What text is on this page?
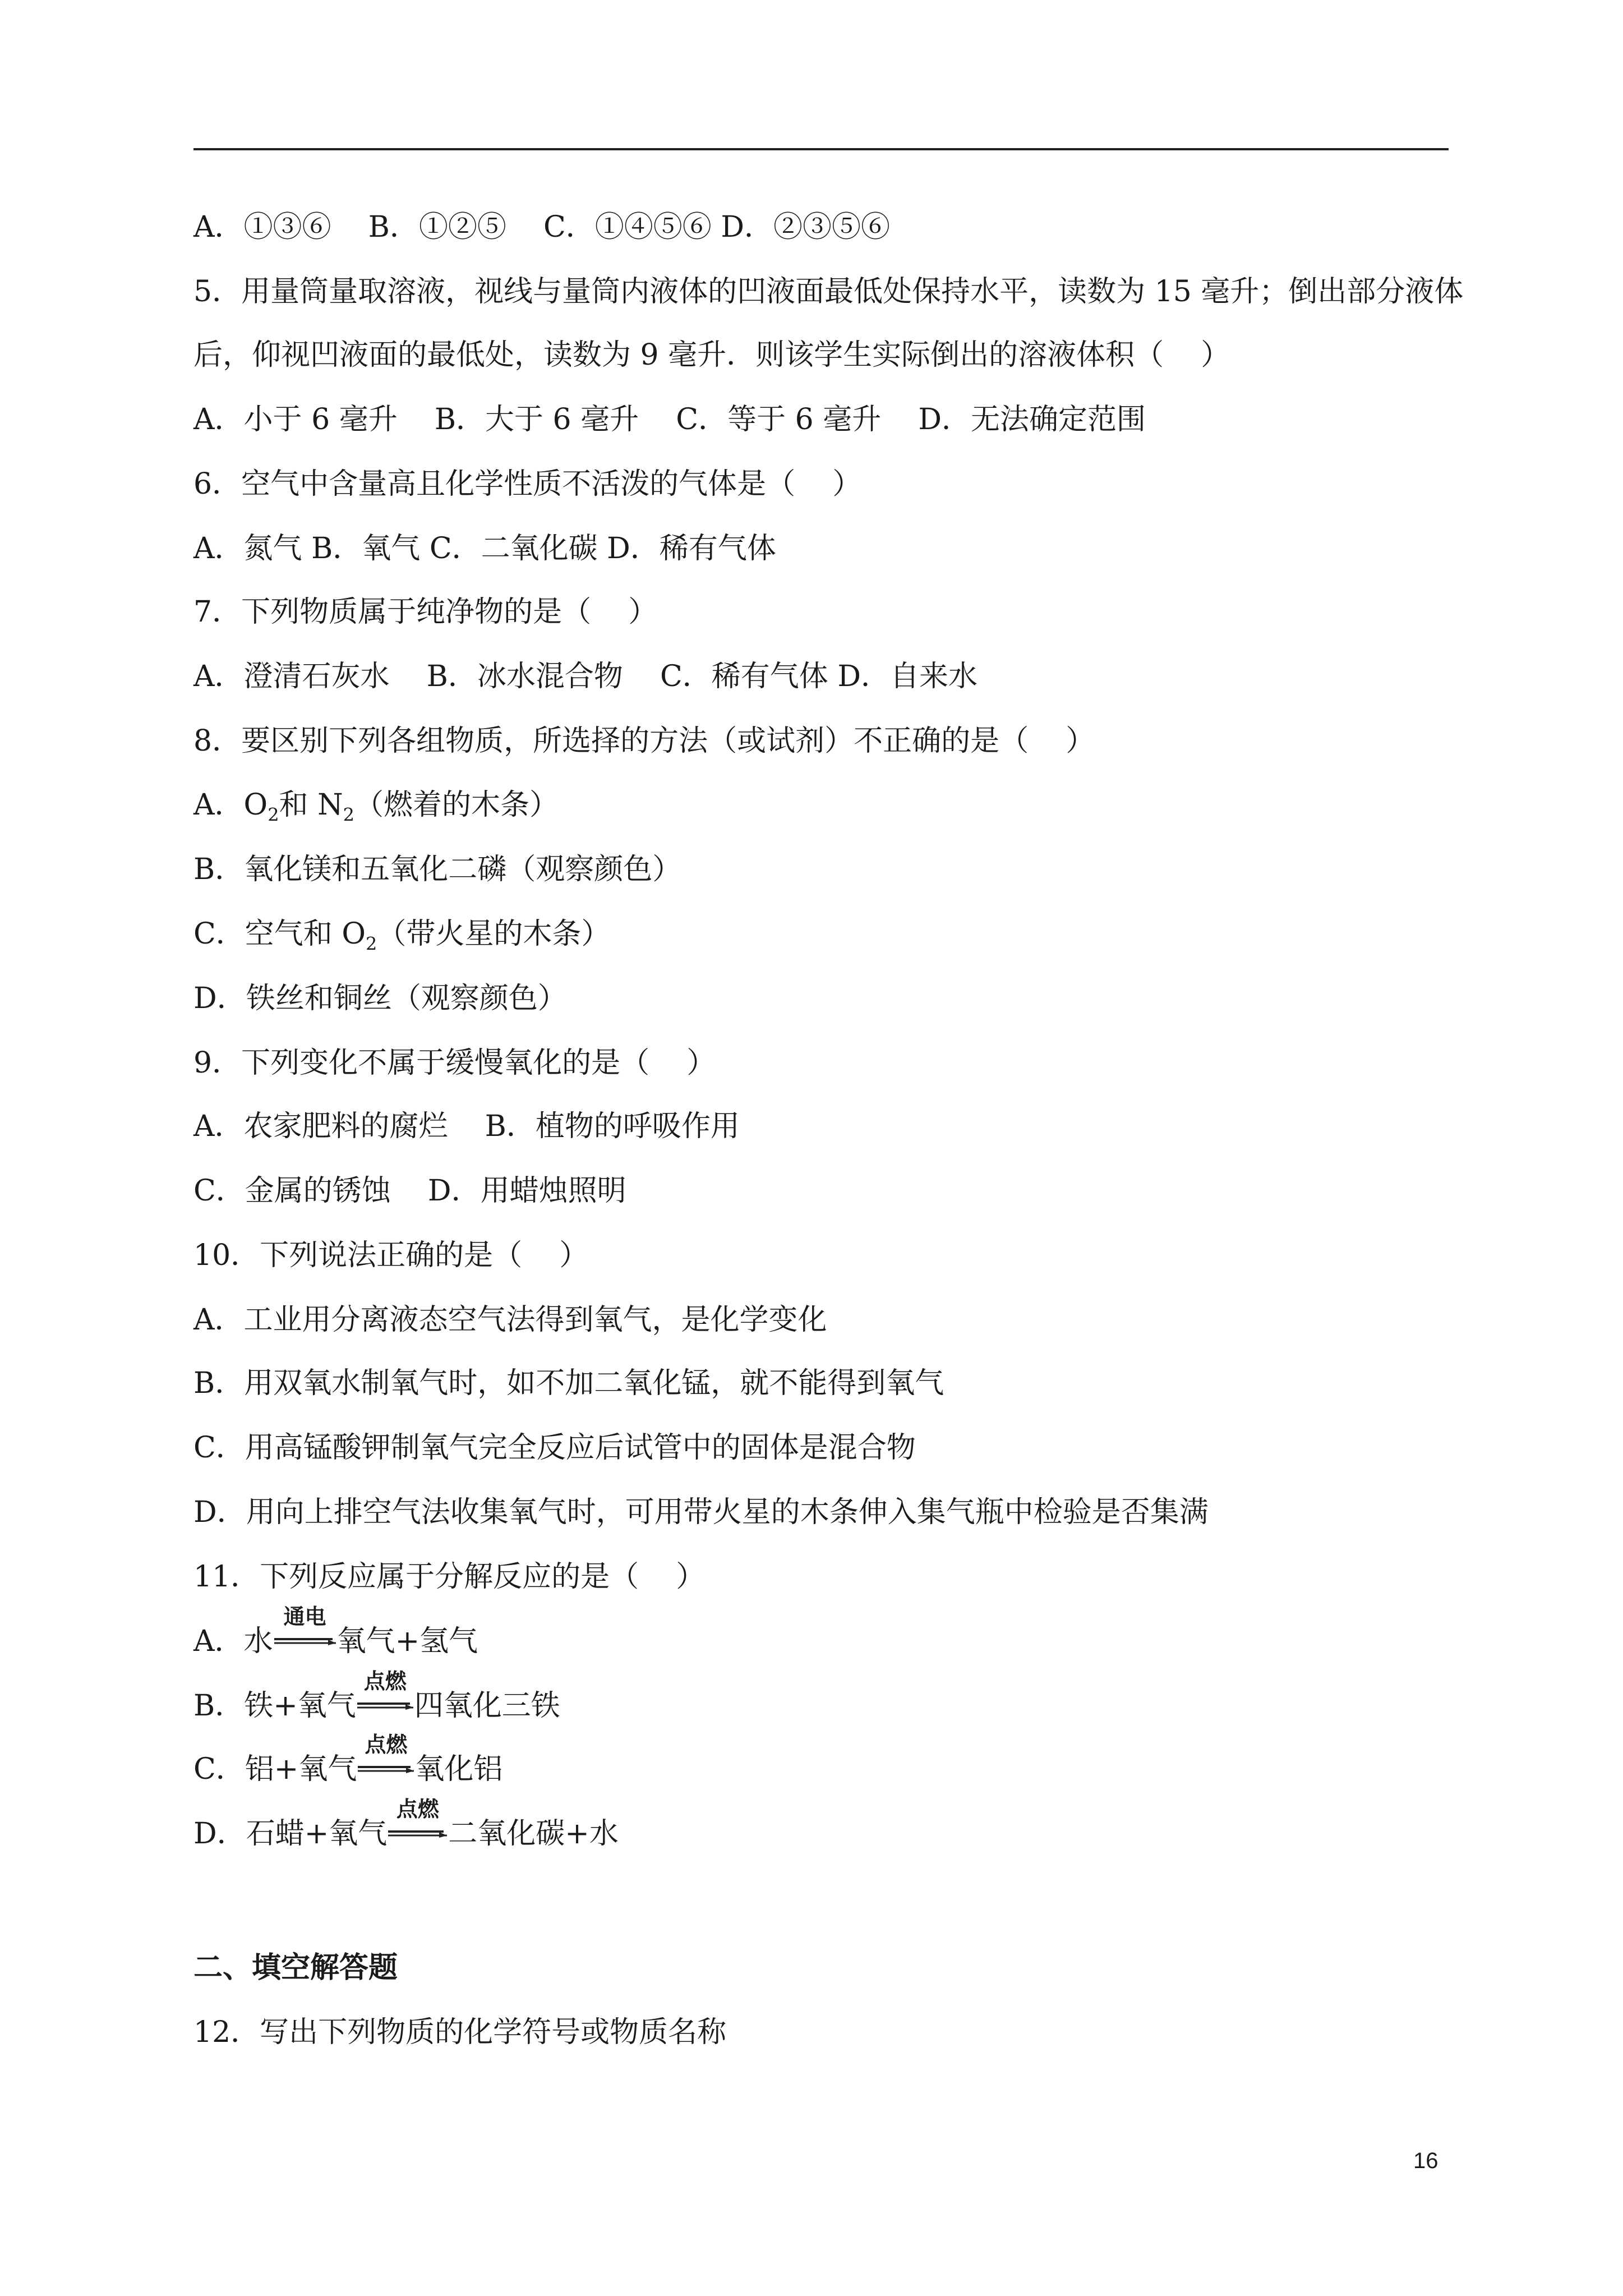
A．①③⑥    B．①②⑤    C．①④⑤⑥ D．②③⑤⑥
5．用量筒量取溶液，视线与量筒内液体的凹液面最低处保持水平，读数为 15 毫升；倒出部分液体
后，仰视凹液面的最低处，读数为 9 毫升．则该学生实际倒出的溶液体积（    ）
A．小于 6 毫升    B．大于 6 毫升    C．等于 6 毫升    D．无法确定范围
6．空气中含量高且化学性质不活泼的气体是（    ）
A．氮气 B．氧气 C．二氧化碳 D．稀有气体
7．下列物质属于纯净物的是（    ）
A．澄清石灰水    B．冰水混合物    C．稀有气体 D．自来水
8．要区别下列各组物质，所选择的方法（或试剂）不正确的是（    ）
A．$O_2$和 $N_2$（燃着的木条）
B．氧化镁和五氧化二磷（观察颜色）
C．空气和 $O_2$（带火星的木条）
D．铁丝和铜丝（观察颜色）
9．下列变化不属于缓慢氧化的是（    ）
A．农家肥料的腐烂    B．植物的呼吸作用
C．金属的锈蚀    D．用蜡烛照明
10．下列说法正确的是（    ）
A．工业用分离液态空气法得到氧气，是化学变化
B．用双氧水制氧气时，如不加二氧化锰，就不能得到氧气
C．用高锰酸钾制氧气完全反应后试管中的固体是混合物
D．用向上排空气法收集氧气时，可用带火星的木条伸入集气瓶中检验是否集满
11．下列反应属于分解反应的是（    ）
A．水
通电
氧气+氢气
B．铁+氧气
点燃
四氧化三铁
C．铝+氧气
点燃
氧化铝
D．石蜡+氧气
点燃
二氧化碳+水
二、填空解答题
12．写出下列物质的化学符号或物质名称
16
